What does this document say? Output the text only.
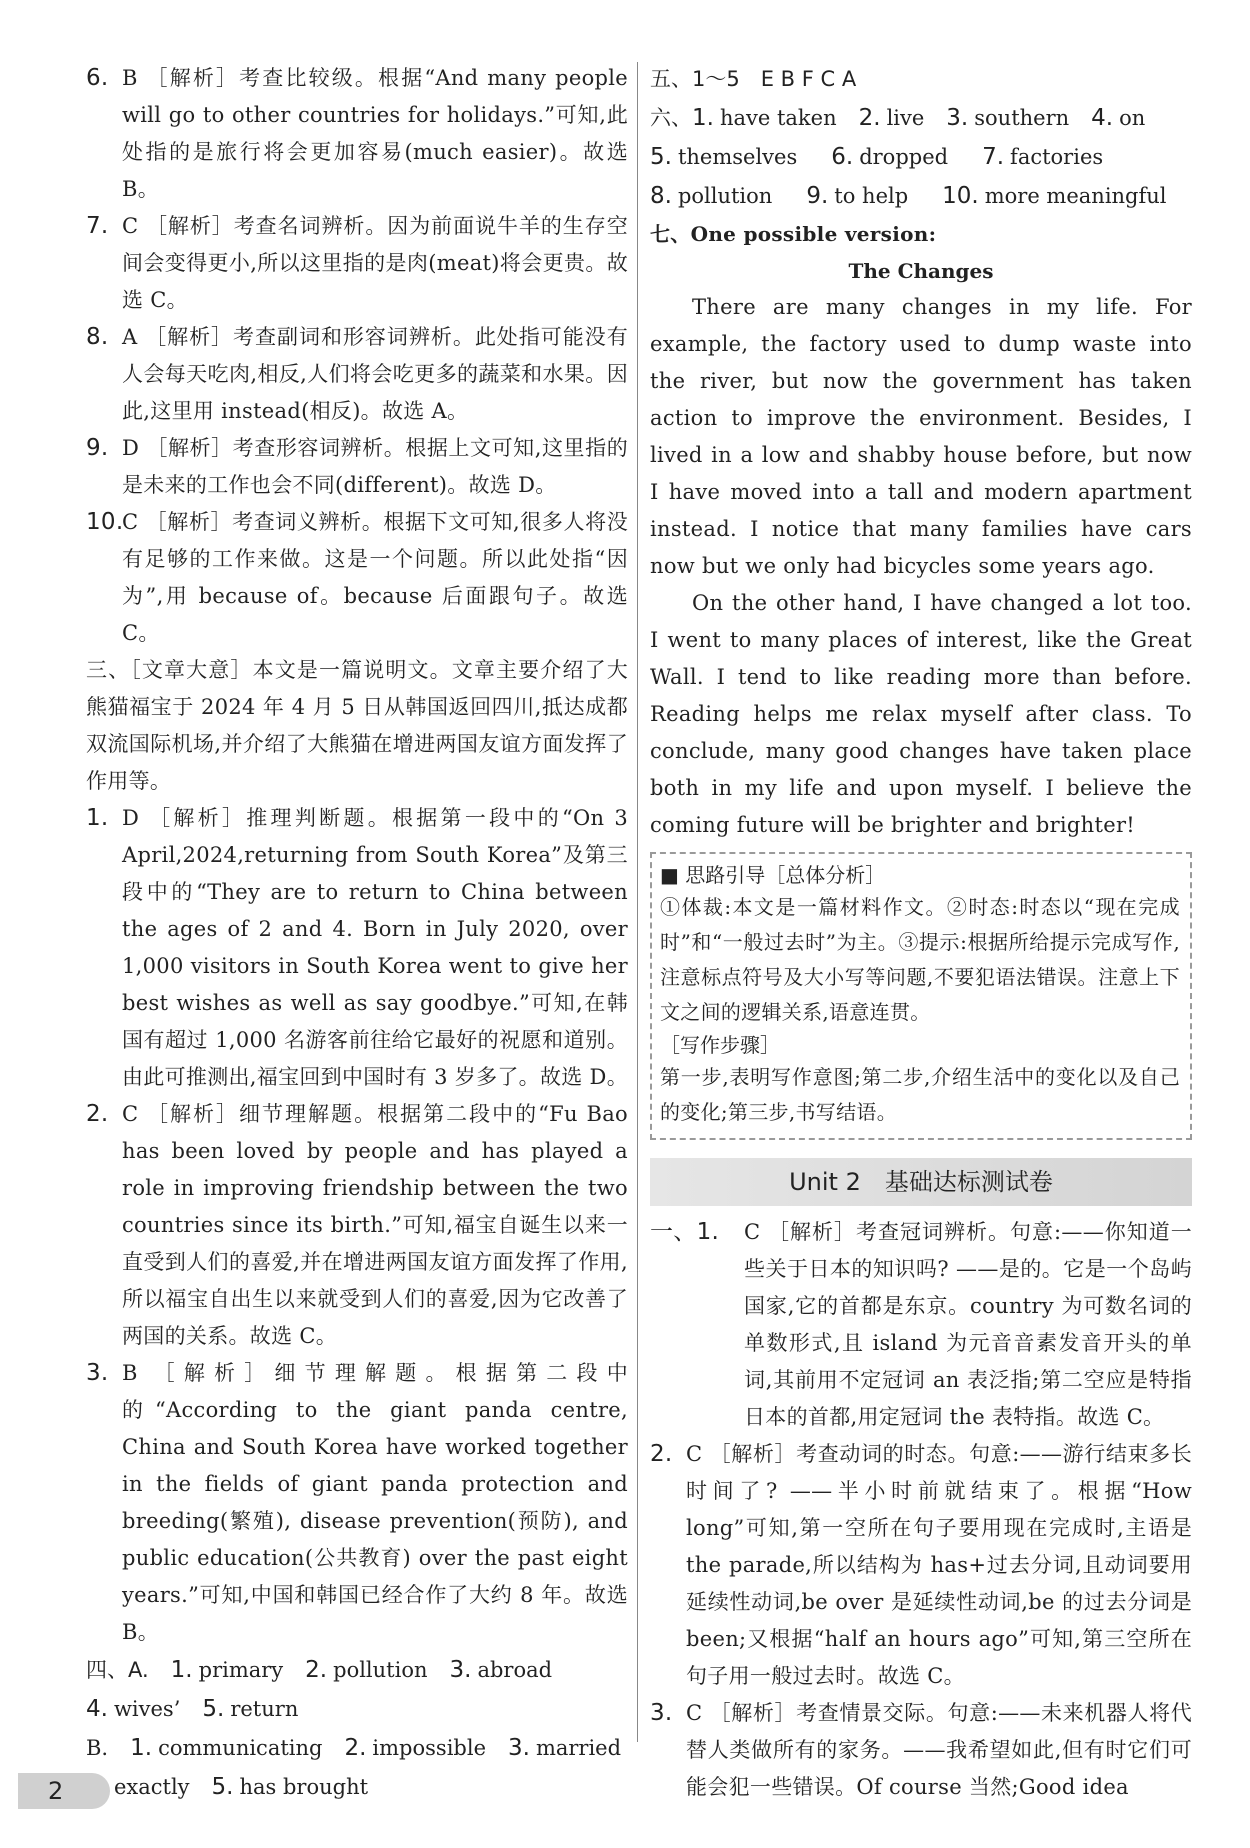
6. B ［解析］考查比较级。根据“And many people will go to other countries for holidays.”可知,此处指的是旅行将会更加容易(much easier)。故选 B。
7. C ［解析］考查名词辨析。因为前面说牛羊的生存空间会变得更小,所以这里指的是肉(meat)将会更贵。故选 C。
8. A ［解析］考查副词和形容词辨析。此处指可能没有人会每天吃肉,相反,人们将会吃更多的蔬菜和水果。因此,这里用 instead(相反)。故选 A。
9. D ［解析］考查形容词辨析。根据上文可知,这里指的是未来的工作也会不同(different)。故选 D。
10.
C ［解析］考查词义辨析。根据下文可知,很多人将没有足够的工作来做。这是一个问题。所以此处指“因为”,用 because of。because 后面跟句子。故选 C。
三、［文章大意］本文是一篇说明文。文章主要介绍了大熊猫福宝于 2024 年 4 月 5 日从韩国返回四川,抵达成都双流国际机场,并介绍了大熊猫在增进两国友谊方面发挥了作用等。
1. D ［解析］推理判断题。根据第一段中的“On 3 April,2024,returning from South Korea”及第三段中的“They are to return to China between the ages of 2 and 4. Born in July 2020, over 1,000 visitors in South Korea went to give her best wishes as well as say goodbye.”可知,在韩国有超过 1,000 名游客前往给它最好的祝愿和道别。由此可推测出,福宝回到中国时有 3 岁多了。故选 D。
2. C ［解析］细节理解题。根据第二段中的“Fu Bao has been loved by people and has played a role in improving friendship between the two countries since its birth.”可知,福宝自诞生以来一直受到人们的喜爱,并在增进两国友谊方面发挥了作用,所以福宝自出生以来就受到人们的喜爱,因为它改善了两国的关系。故选 C。
3. B ［解析］细节理解题。根据第二段中的“According to the giant panda centre, China and South Korea have worked together in the fields of giant panda protection and breeding(繁殖), disease prevention(预防), and public education(公共教育) over the past eight years.”可知,中国和韩国已经合作了大约 8 年。故选 B。
四、A. 1. primary 2. pollution 3. abroad
4. wives’ 5. return
B. 1. communicating 2. impossible 3. married
exactly 5. has brought
五、1～5　E B F C A
六、 1. have taken 2. live 3. southern 4. on
5. themselves 6. dropped 7. factories
8. pollution 9. to help 10. more meaningful
七、One possible version:
The Changes
There are many changes in my life. For example, the factory used to dump waste into the river, but now the government has taken action to improve the environment. Besides, I lived in a low and shabby house before, but now I have moved into a tall and modern apartment instead. I notice that many families have cars now but we only had bicycles some years ago.
On the other hand, I have changed a lot too. I went to many places of interest, like the Great Wall. I tend to like reading more than before. Reading helps me relax myself after class. To conclude, many good changes have taken place both in my life and upon myself. I believe the coming future will be brighter and brighter!
■ 思路引导［总体分析］
①体裁:本文是一篇材料作文。②时态:时态以“现在完成时”和“一般过去时”为主。③提示:根据所给提示完成写作,注意标点符号及大小写等问题,不要犯语法错误。注意上下文之间的逻辑关系,语意连贯。
［写作步骤］
第一步,表明写作意图;第二步,介绍生活中的变化以及自己的变化;第三步,书写结语。
Unit 2　基础达标测试卷
一、1. C ［解析］考查冠词辨析。句意:——你知道一些关于日本的知识吗? ——是的。它是一个岛屿国家,它的首都是东京。country 为可数名词的单数形式,且 island 为元音音素发音开头的单词,其前用不定冠词 an 表泛指;第二空应是特指日本的首都,用定冠词 the 表特指。故选 C。
2. C ［解析］考查动词的时态。句意:——游行结束多长时间了? ——半小时前就结束了。根据“How long”可知,第一空所在句子要用现在完成时,主语是 the parade,所以结构为 has+过去分词,且动词要用延续性动词,be over 是延续性动词,be 的过去分词是 been;又根据“half an hours ago”可知,第三空所在句子用一般过去时。故选 C。
3. C ［解析］考查情景交际。句意:——未来机器人将代替人类做所有的家务。——我希望如此,但有时它们可能会犯一些错误。Of course 当然;Good idea
2
